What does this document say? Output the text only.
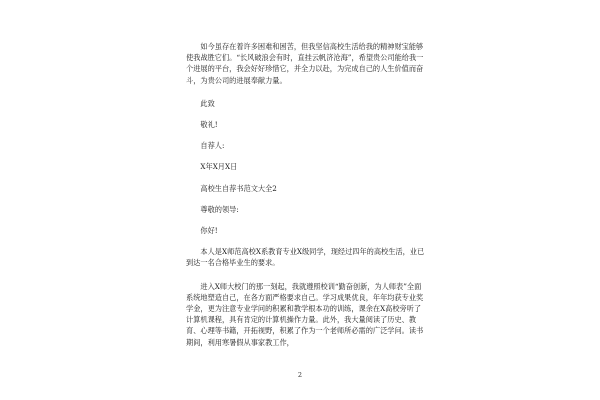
如今虽存在着许多困难和困苦，但我坚信高校生活给我的精神财宝能够使我战胜它们。“长风破浪会有时，直挂云帆济沧海”，希望贵公司能给我一个进展的平台，我会好好珍惜它，并全力以赴，为完成自己的人生价值而奋斗，为贵公司的进展奉献力量。

此致

敬礼!

自荐人:

X年X月X日

高校生自荐书范文大全2

尊敬的领导:

你好!

本人是X师范高校X系教育专业X级同学，现经过四年的高校生活，业已到达一名合格毕业生的要求。

进入X师大校门的那一刻起，我就遵照校训“勤奋创新，为人师表”全面系统地塑造自己，在各方面严格要求自己。学习成果优良，年年均获专业奖学金，更为注意专业学问的积累和教学根本功的训练，课余在X高校旁听了计算机课程，具有肯定的计算机操作力量。此外，我大量阅读了历史、教育、心理等书籍，开拓视野，积累了作为一个老师所必需的广泛学问。读书期间，利用寒暑假从事家教工作，

2
